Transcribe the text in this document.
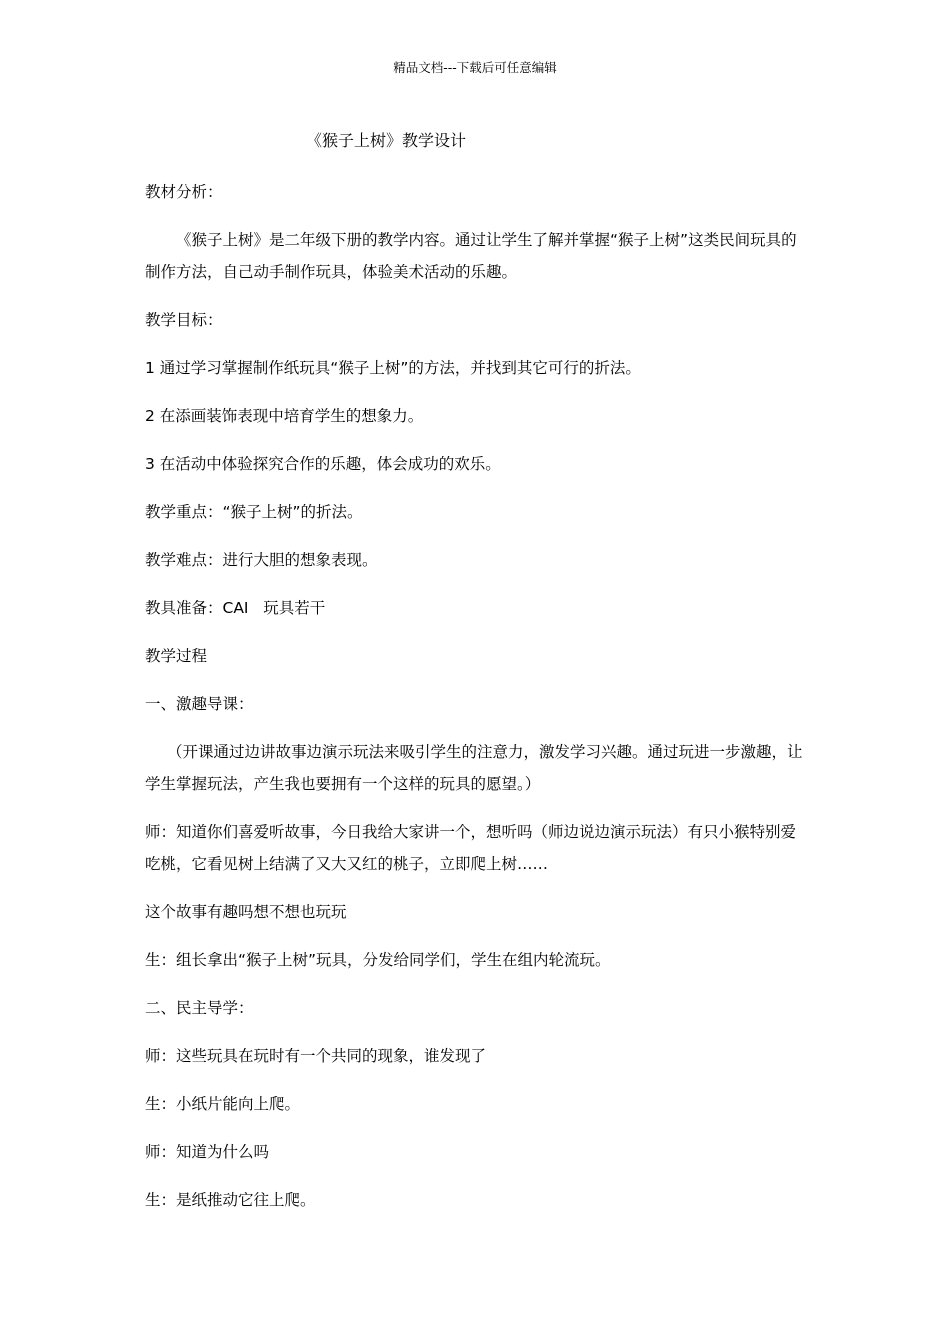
精品文档---下载后可任意编辑
《猴子上树》教学设计
教材分析：
《猴子上树》是二年级下册的教学内容。通过让学生了解并掌握“猴子上树”这类民间玩具的制作方法，自己动手制作玩具，体验美术活动的乐趣。
教学目标：
1 通过学习掌握制作纸玩具“猴子上树”的方法，并找到其它可行的折法。
2 在添画装饰表现中培育学生的想象力。
3 在活动中体验探究合作的乐趣，体会成功的欢乐。
教学重点：“猴子上树”的折法。
教学难点：进行大胆的想象表现。
教具准备：CAI   玩具若干
教学过程
一、激趣导课：
（开课通过边讲故事边演示玩法来吸引学生的注意力，激发学习兴趣。通过玩进一步激趣，让学生掌握玩法，产生我也要拥有一个这样的玩具的愿望。）
师：知道你们喜爱听故事，今日我给大家讲一个，想听吗（师边说边演示玩法）有只小猴特别爱吃桃，它看见树上结满了又大又红的桃子，立即爬上树……
这个故事有趣吗想不想也玩玩
生：组长拿出“猴子上树”玩具，分发给同学们，学生在组内轮流玩。
二、民主导学：
师：这些玩具在玩时有一个共同的现象，谁发现了
生：小纸片能向上爬。
师：知道为什么吗
生：是纸推动它往上爬。
